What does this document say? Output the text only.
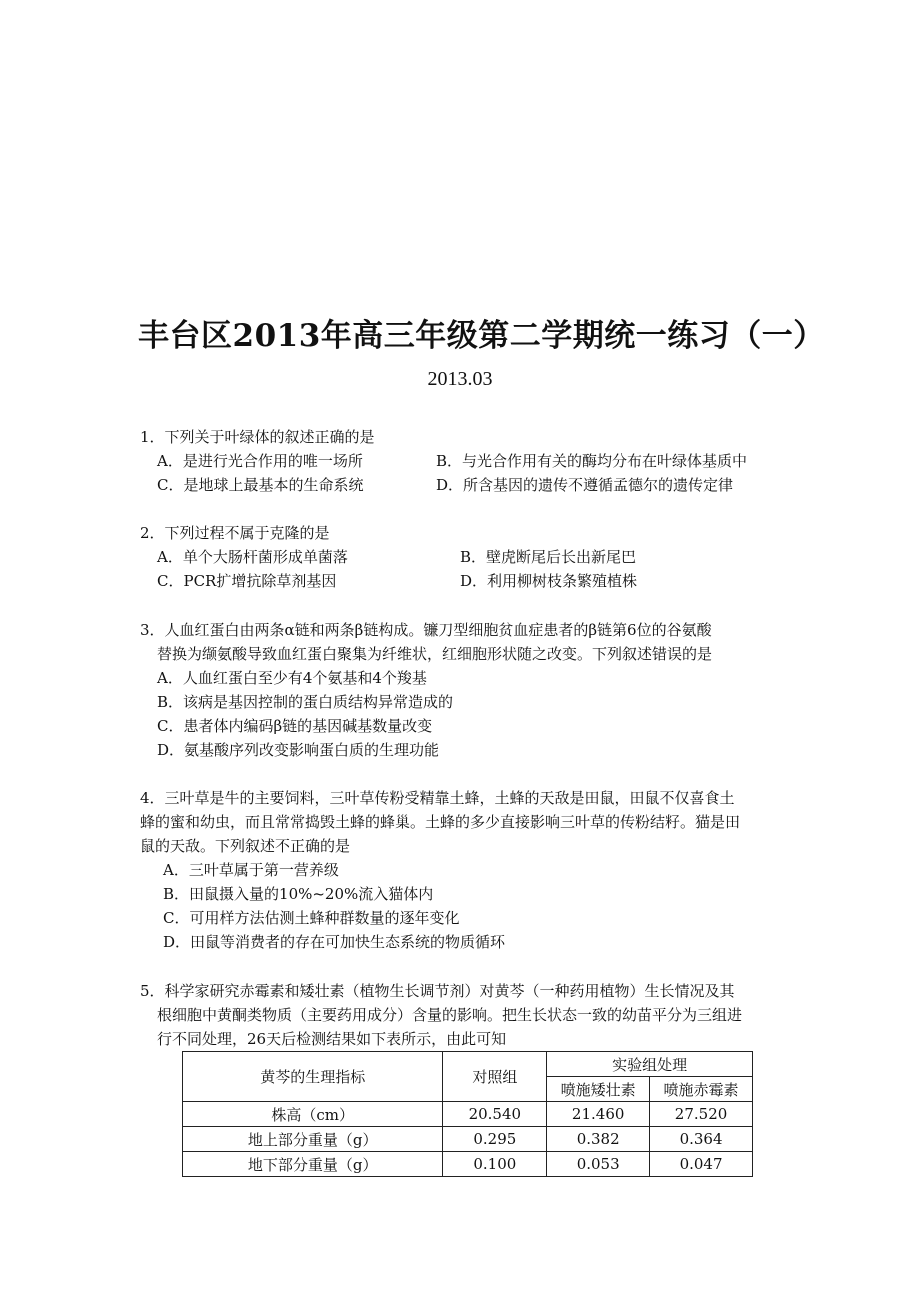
丰台区2013年高三年级第二学期统一练习（一）
2013.03
1．下列关于叶绿体的叙述正确的是
A．是进行光合作用的唯一场所	B．与光合作用有关的酶均分布在叶绿体基质中
C．是地球上最基本的生命系统	D．所含基因的遗传不遵循孟德尔的遗传定律
2．下列过程不属于克隆的是
A．单个大肠杆菌形成单菌落	B．壁虎断尾后长出新尾巴
C．PCR扩增抗除草剂基因	D．利用柳树枝条繁殖植株
3．人血红蛋白由两条α链和两条β链构成。镰刀型细胞贫血症患者的β链第6位的谷氨酸
替换为缬氨酸导致血红蛋白聚集为纤维状，红细胞形状随之改变。下列叙述错误的是
A．人血红蛋白至少有4个氨基和4个羧基
B．该病是基因控制的蛋白质结构异常造成的
C．患者体内编码β链的基因碱基数量改变
D．氨基酸序列改变影响蛋白质的生理功能
4．三叶草是牛的主要饲料，三叶草传粉受精靠土蜂，土蜂的天敌是田鼠，田鼠不仅喜食土
蜂的蜜和幼虫，而且常常捣毁土蜂的蜂巢。土蜂的多少直接影响三叶草的传粉结籽。猫是田
鼠的天敌。下列叙述不正确的是
A．三叶草属于第一营养级
B．田鼠摄入量的10%~20%流入猫体内
C．可用样方法估测土蜂种群数量的逐年变化
D．田鼠等消费者的存在可加快生态系统的物质循环
5．科学家研究赤霉素和矮壮素（植物生长调节剂）对黄芩（一种药用植物）生长情况及其
根细胞中黄酮类物质（主要药用成分）含量的影响。把生长状态一致的幼苗平分为三组进
行不同处理，26天后检测结果如下表所示，由此可知
黄芩的生理指标	对照组	实验组处理	
		喷施矮壮素	喷施赤霉素
株高（cm）	20.540	21.460	27.520
地上部分重量（g）	0.295	0.382	0.364
地下部分重量（g）	0.100	0.053	0.047
